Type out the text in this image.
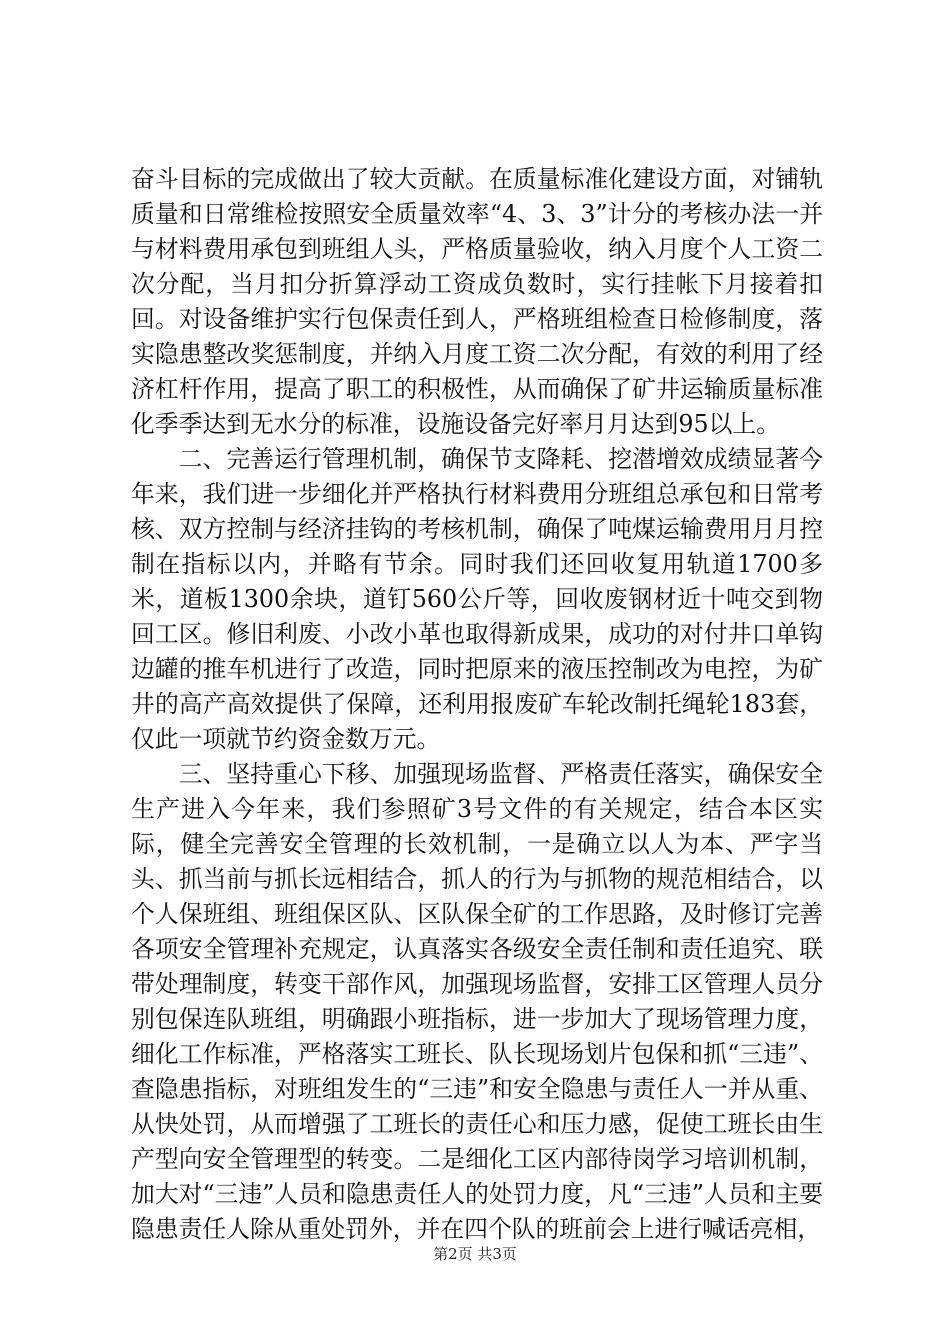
奋斗目标的完成做出了较大贡献。在质量标准化建设方面，对铺轨质量和日常维检按照安全质量效率“4、3、3”计分的考核办法一并与材料费用承包到班组人头，严格质量验收，纳入月度个人工资二次分配，当月扣分折算浮动工资成负数时，实行挂帐下月接着扣回。对设备维护实行包保责任到人，严格班组检查日检修制度，落实隐患整改奖惩制度，并纳入月度工资二次分配，有效的利用了经济杠杆作用，提高了职工的积极性，从而确保了矿井运输质量标准化季季达到无水分的标准，设施设备完好率月月达到95以上。

二、完善运行管理机制，确保节支降耗、挖潜增效成绩显著今年来，我们进一步细化并严格执行材料费用分班组总承包和日常考核、双方控制与经济挂钩的考核机制，确保了吨煤运输费用月月控制在指标以内，并略有节余。同时我们还回收复用轨道1700多米，道板1300余块，道钉560公斤等，回收废钢材近十吨交到物回工区。修旧利废、小改小革也取得新成果，成功的对付井口单钩边罐的推车机进行了改造，同时把原来的液压控制改为电控，为矿井的高产高效提供了保障，还利用报废矿车轮改制托绳轮183套，仅此一项就节约资金数万元。

三、坚持重心下移、加强现场监督、严格责任落实，确保安全生产进入今年来，我们参照矿3号文件的有关规定，结合本区实际，健全完善安全管理的长效机制，一是确立以人为本、严字当头、抓当前与抓长远相结合，抓人的行为与抓物的规范相结合，以个人保班组、班组保区队、区队保全矿的工作思路，及时修订完善各项安全管理补充规定，认真落实各级安全责任制和责任追究、联带处理制度，转变干部作风，加强现场监督，安排工区管理人员分别包保连队班组，明确跟小班指标，进一步加大了现场管理力度，细化工作标准，严格落实工班长、队长现场划片包保和抓“三违”、查隐患指标，对班组发生的“三违”和安全隐患与责任人一并从重、从快处罚，从而增强了工班长的责任心和压力感，促使工班长由生产型向安全管理型的转变。二是细化工区内部待岗学习培训机制，加大对“三违”人员和隐患责任人的处罚力度，凡“三违”人员和主要隐患责任人除从重处罚外，并在四个队的班前会上进行喊话亮相，

第2页 共3页
